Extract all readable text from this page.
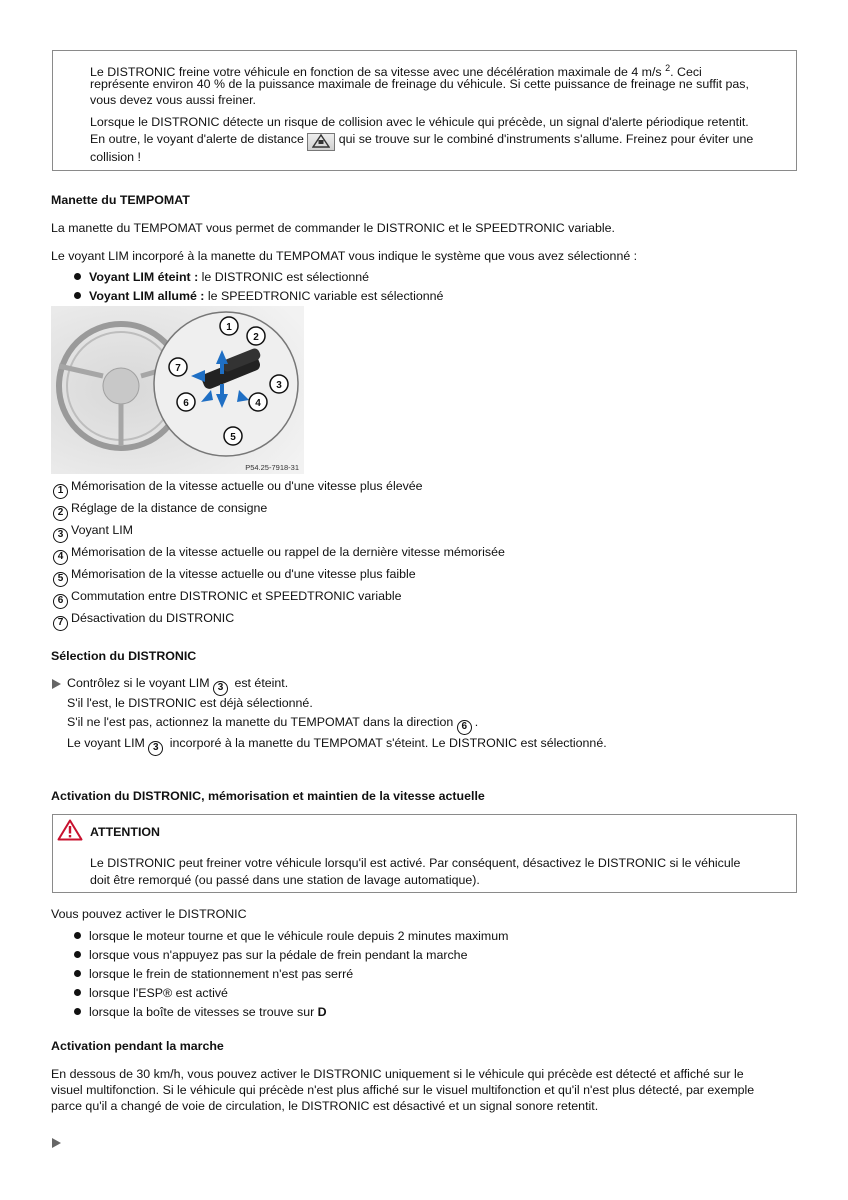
Le DISTRONIC freine votre véhicule en fonction de sa vitesse avec une décélération maximale de 4 m/s $^2$. Ceci
représente environ 40 % de la puissance maximale de freinage du véhicule. Si cette puissance de freinage ne suffit pas,
vous devez vous aussi freiner.
Lorsque le DISTRONIC détecte un risque de collision avec le véhicule qui précède, un signal d'alerte périodique retentit.
En outre, le voyant d'alerte de distance	qui se trouve sur le combiné d'instruments s'allume. Freinez pour éviter une
collision !
Manette du TEMPOMAT
La manette du TEMPOMAT vous permet de commander le DISTRONIC et le SPEEDTRONIC variable.
Le voyant LIM incorporé à la manette du TEMPOMAT vous indique le système que vous avez sélectionné :
Voyant LIM éteint : le DISTRONIC est sélectionné
Voyant LIM allumé : le SPEEDTRONIC variable est sélectionné
1
2
3
4
5
6
7
P54.25-7918-31
1 Mémorisation de la vitesse actuelle ou d'une vitesse plus élevée
2 Réglage de la distance de consigne
3 Voyant LIM
4 Mémorisation de la vitesse actuelle ou rappel de la dernière vitesse mémorisée
5 Mémorisation de la vitesse actuelle ou d'une vitesse plus faible
6 Commutation entre DISTRONIC et SPEEDTRONIC variable
7 Désactivation du DISTRONIC
Sélection du DISTRONIC
Contrôlez si le voyant LIM 3 est éteint.
S'il l'est, le DISTRONIC est déjà sélectionné.
S'il ne l'est pas, actionnez la manette du TEMPOMAT dans la direction 6 .
Le voyant LIM 3 incorporé à la manette du TEMPOMAT s'éteint. Le DISTRONIC est sélectionné.
Activation du DISTRONIC, mémorisation et maintien de la vitesse actuelle
ATTENTION
Le DISTRONIC peut freiner votre véhicule lorsqu'il est activé. Par conséquent, désactivez le DISTRONIC si le véhicule
doit être remorqué (ou passé dans une station de lavage automatique).
Vous pouvez activer le DISTRONIC
lorsque le moteur tourne et que le véhicule roule depuis 2 minutes maximum
lorsque vous n'appuyez pas sur la pédale de frein pendant la marche
lorsque le frein de stationnement n'est pas serré
lorsque l'ESP® est activé
lorsque la boîte de vitesses se trouve sur D
Activation pendant la marche
En dessous de 30 km/h, vous pouvez activer le DISTRONIC uniquement si le véhicule qui précède est détecté et affiché sur le
visuel multifonction. Si le véhicule qui précède n'est plus affiché sur le visuel multifonction et qu'il n'est plus détecté, par exemple
parce qu'il a changé de voie de circulation, le DISTRONIC est désactivé et un signal sonore retentit.
